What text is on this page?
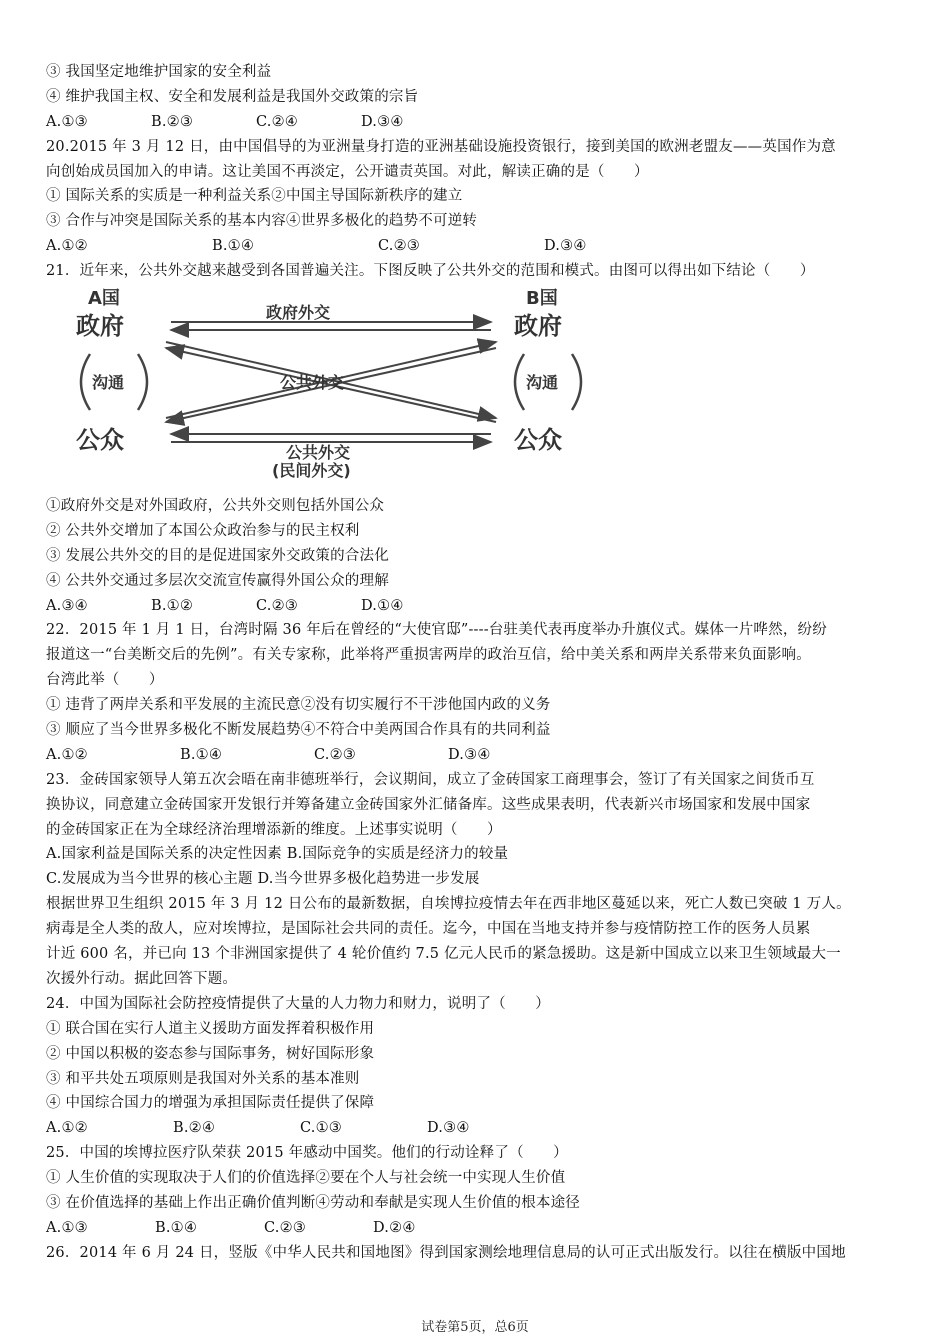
③ 我国坚定地维护国家的安全利益
④ 维护我国主权、安全和发展利益是我国外交政策的宗旨
A.①③	B.②③	C.②④	D.③④
20.2015 年 3 月 12 日，由中国倡导的为亚洲量身打造的亚洲基础设施投资银行，接到美国的欧洲老盟友——英国作为意
向创始成员国加入的申请。这让美国不再淡定，公开谴责英国。对此，解读正确的是（　　）
① 国际关系的实质是一种利益关系②中国主导国际新秩序的建立
③ 合作与冲突是国际关系的基本内容④世界多极化的趋势不可逆转
A.①②	B.①④	C.②③	D.③④
21．近年来，公共外交越来越受到各国普遍关注。下图反映了公共外交的范围和模式。由图可以得出如下结论（　　）
A国	B国
政府	政府
政府外交
沟通	沟通
公共外交
公众	公众
公共外交
(民间外交)
①政府外交是对外国政府，公共外交则包括外国公众
② 公共外交增加了本国公众政治参与的民主权利
③ 发展公共外交的目的是促进国家外交政策的合法化
④ 公共外交通过多层次交流宣传赢得外国公众的理解
A.③④	B.①②	C.②③	D.①④
22．2015 年 1 月 1 日，台湾时隔 36 年后在曾经的“大使官邸”----台驻美代表再度举办升旗仪式。媒体一片哗然，纷纷
报道这一“台美断交后的先例”。有关专家称，此举将严重损害两岸的政治互信，给中美关系和两岸关系带来负面影响。
台湾此举（　　）
① 违背了两岸关系和平发展的主流民意②没有切实履行不干涉他国内政的义务
③ 顺应了当今世界多极化不断发展趋势④不符合中美两国合作具有的共同利益
A.①②	B.①④	C.②③	D.③④
23．金砖国家领导人第五次会晤在南非德班举行，会议期间，成立了金砖国家工商理事会，签订了有关国家之间货币互
换协议，同意建立金砖国家开发银行并筹备建立金砖国家外汇储备库。这些成果表明，代表新兴市场国家和发展中国家
的金砖国家正在为全球经济治理增添新的维度。上述事实说明（　　）
A.国家利益是国际关系的决定性因素 B.国际竞争的实质是经济力的较量
C.发展成为当今世界的核心主题 D.当今世界多极化趋势进一步发展
根据世界卫生组织 2015 年 3 月 12 日公布的最新数据，自埃博拉疫情去年在西非地区蔓延以来，死亡人数已突破 1 万人。
病毒是全人类的敌人，应对埃博拉，是国际社会共同的责任。迄今，中国在当地支持并参与疫情防控工作的医务人员累
计近 600 名，并已向 13 个非洲国家提供了 4 轮价值约 7.5 亿元人民币的紧急援助。这是新中国成立以来卫生领域最大一
次援外行动。据此回答下题。
24．中国为国际社会防控疫情提供了大量的人力物力和财力，说明了（　　）
① 联合国在实行人道主义援助方面发挥着积极作用
② 中国以积极的姿态参与国际事务，树好国际形象
③ 和平共处五项原则是我国对外关系的基本准则
④ 中国综合国力的增强为承担国际责任提供了保障
A.①②	B.②④	C.①③	D.③④
25．中国的埃博拉医疗队荣获 2015 年感动中国奖。他们的行动诠释了（　　）
① 人生价值的实现取决于人们的价值选择②要在个人与社会统一中实现人生价值
③ 在价值选择的基础上作出正确价值判断④劳动和奉献是实现人生价值的根本途径
A.①③	B.①④	C.②③	D.②④
26．2014 年 6 月 24 日，竖版《中华人民共和国地图》得到国家测绘地理信息局的认可正式出版发行。以往在横版中国地
试卷第5页，总6页
